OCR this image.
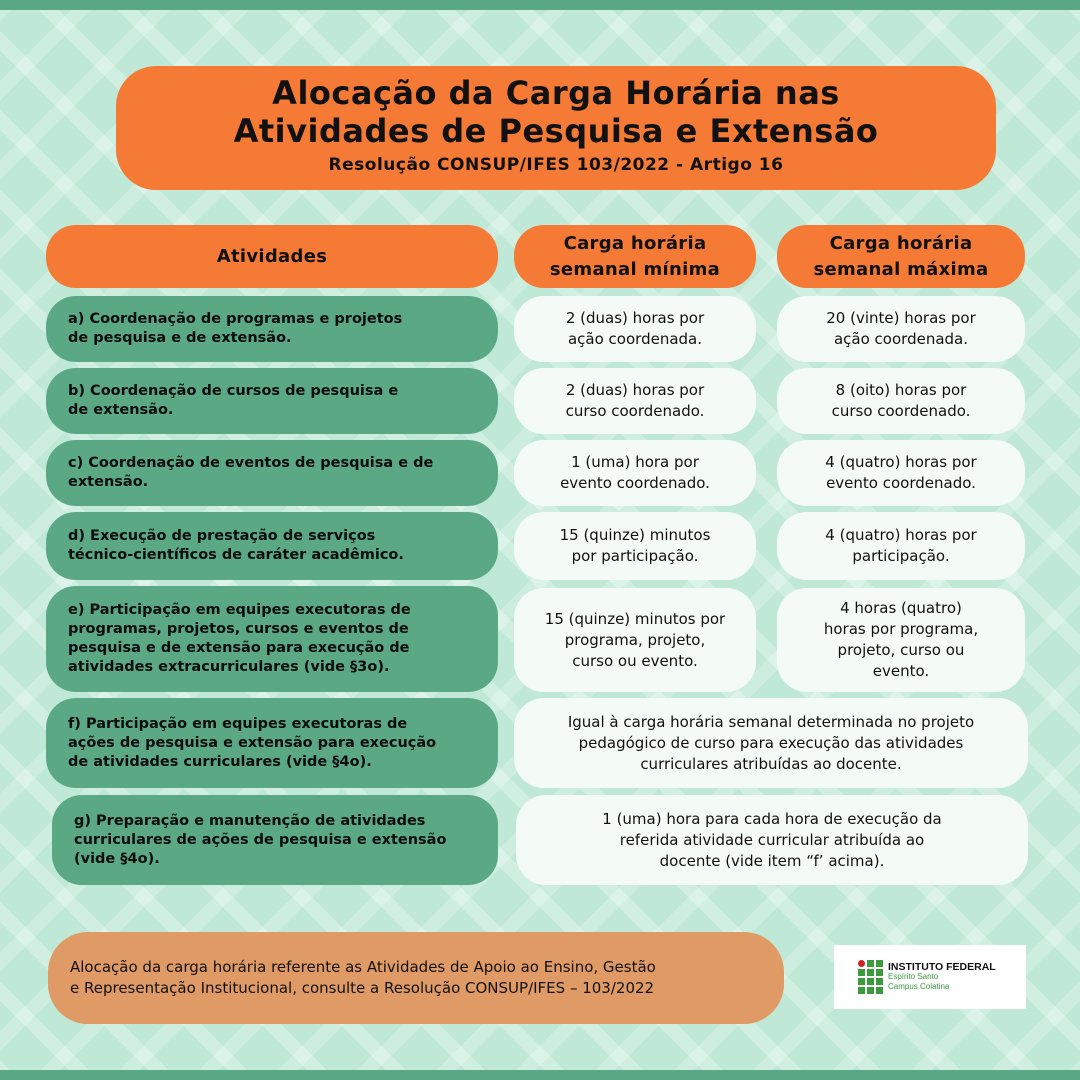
Alocação da Carga Horária nas
Atividades de Pesquisa e Extensão
Resolução CONSUP/IFES 103/2022 - Artigo 16
Atividades
Carga horária
semanal mínima
Carga horária
semanal máxima
a) Coordenação de programas e projetos
de pesquisa e de extensão.
2 (duas) horas por
ação coordenada.
20 (vinte) horas por
ação coordenada.
b) Coordenação de cursos de pesquisa e
de extensão.
2 (duas) horas por
curso coordenado.
8 (oito) horas por
curso coordenado.
c) Coordenação de eventos de pesquisa e de
extensão.
1 (uma) hora por
evento coordenado.
4 (quatro) horas por
evento coordenado.
d) Execução de prestação de serviços
técnico-científicos de caráter acadêmico.
15 (quinze) minutos
por participação.
4 (quatro) horas por
participação.
e) Participação em equipes executoras de
programas, projetos, cursos e eventos de
pesquisa e de extensão para execução de
atividades extracurriculares (vide §3o).
15 (quinze) minutos por
programa, projeto,
curso ou evento.
4 horas (quatro)
horas por programa,
projeto, curso ou
evento.
f) Participação em equipes executoras de
ações de pesquisa e extensão para execução
de atividades curriculares (vide §4o).
Igual à carga horária semanal determinada no projeto
pedagógico de curso para execução das atividades
curriculares atribuídas ao docente.
g) Preparação e manutenção de atividades
curriculares de ações de pesquisa e extensão
(vide §4o).
1 (uma) hora para cada hora de execução da
referida atividade curricular atribuída ao
docente (vide item “f’ acima).
Alocação da carga horária referente as Atividades de Apoio ao Ensino, Gestão
e Representação Institucional, consulte a Resolução CONSUP/IFES – 103/2022
INSTITUTO FEDERAL
Espírito Santo
Campus Colatina
